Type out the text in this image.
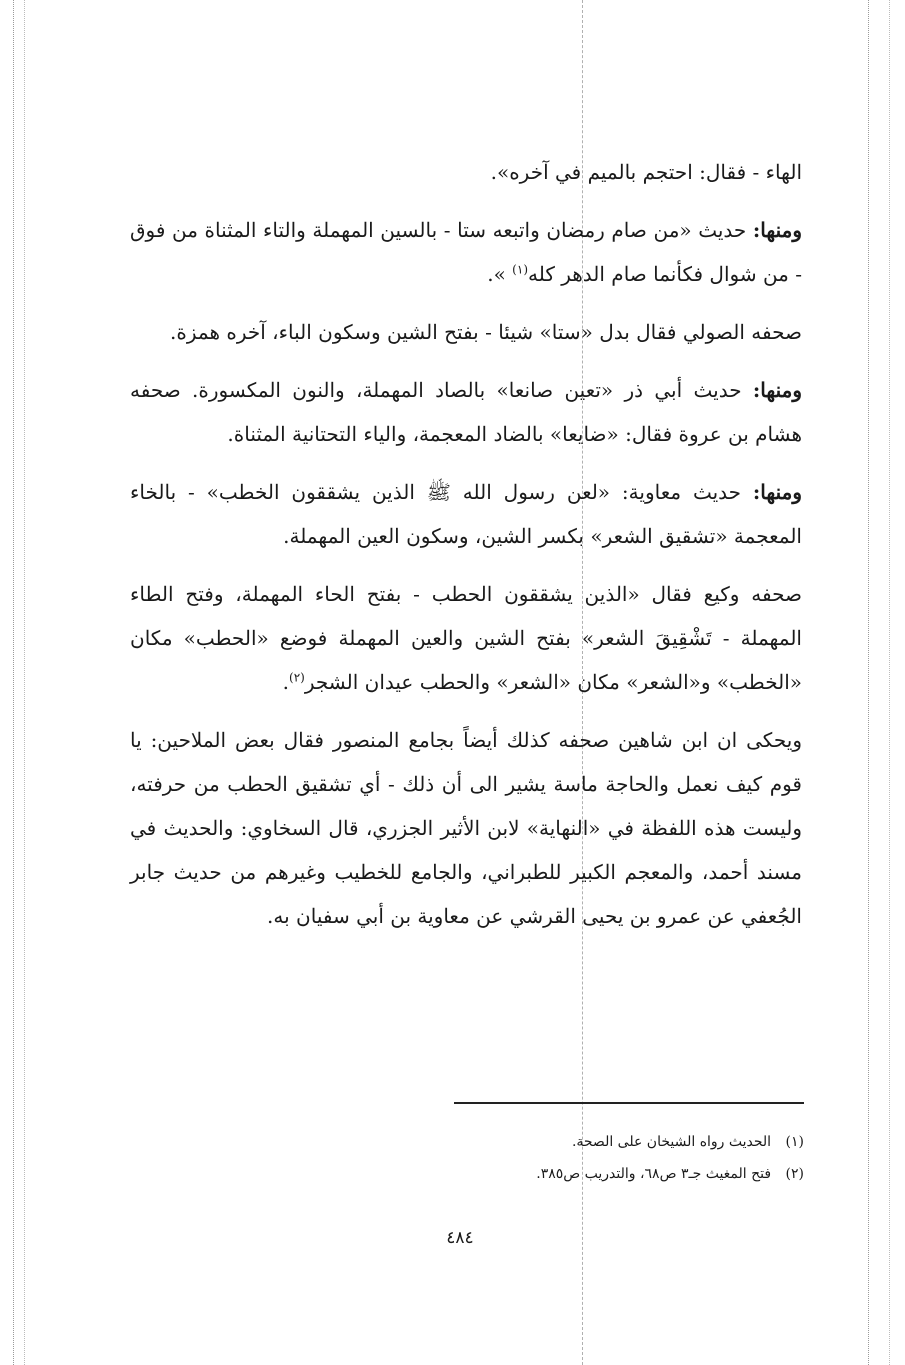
الهاء - فقال: احتجم بالميم في آخره».

ومنها: حديث «من صام رمضان واتبعه ستا - بالسين المهملة والتاء المثناة من فوق - من شوال فكأنما صام الدهر كله$^{(١)}$ ».

صحفه الصولي فقال بدل «ستا» شيئا - بفتح الشين وسكون الباء، آخره همزة.

ومنها: حديث أبي ذر «تعين صانعا» بالصاد المهملة، والنون المكسورة. صحفه هشام بن عروة فقال: «ضايعا» بالضاد المعجمة، والياء التحتانية المثناة.

ومنها: حديث معاوية: «لعن رسول الله ﷺ الذين يشققون الخطب» - بالخاء المعجمة «تشقيق الشعر» بكسر الشين، وسكون العين المهملة.

صحفه وكيع فقال «الذين يشققون الحطب - بفتح الحاء المهملة، وفتح الطاء المهملة - تَشْقِيقَ الشعر» بفتح الشين والعين المهملة فوضع «الحطب» مكان «الخطب» و«الشعر» مكان «الشعر» والحطب عيدان الشجر$^{(٢)}$.

ويحكى ان ابن شاهين صحفه كذلك أيضاً بجامع المنصور فقال بعض الملاحين: يا قوم كيف نعمل والحاجة ماسة يشير الى أن ذلك - أي تشقيق الحطب من حرفته، وليست هذه اللفظة في «النهاية» لابن الأثير الجزري، قال السخاوي: والحديث في مسند أحمد، والمعجم الكبير للطبراني، والجامع للخطيب وغيرهم من حديث جابر الجُعفي عن عمرو بن يحيى القرشي عن معاوية بن أبي سفيان به.

(١) الحديث رواه الشيخان على الصحة.

(٢) فتح المغيث جـ٣ ص٦٨، والتدريب ص٣٨٥.

٤٨٤
